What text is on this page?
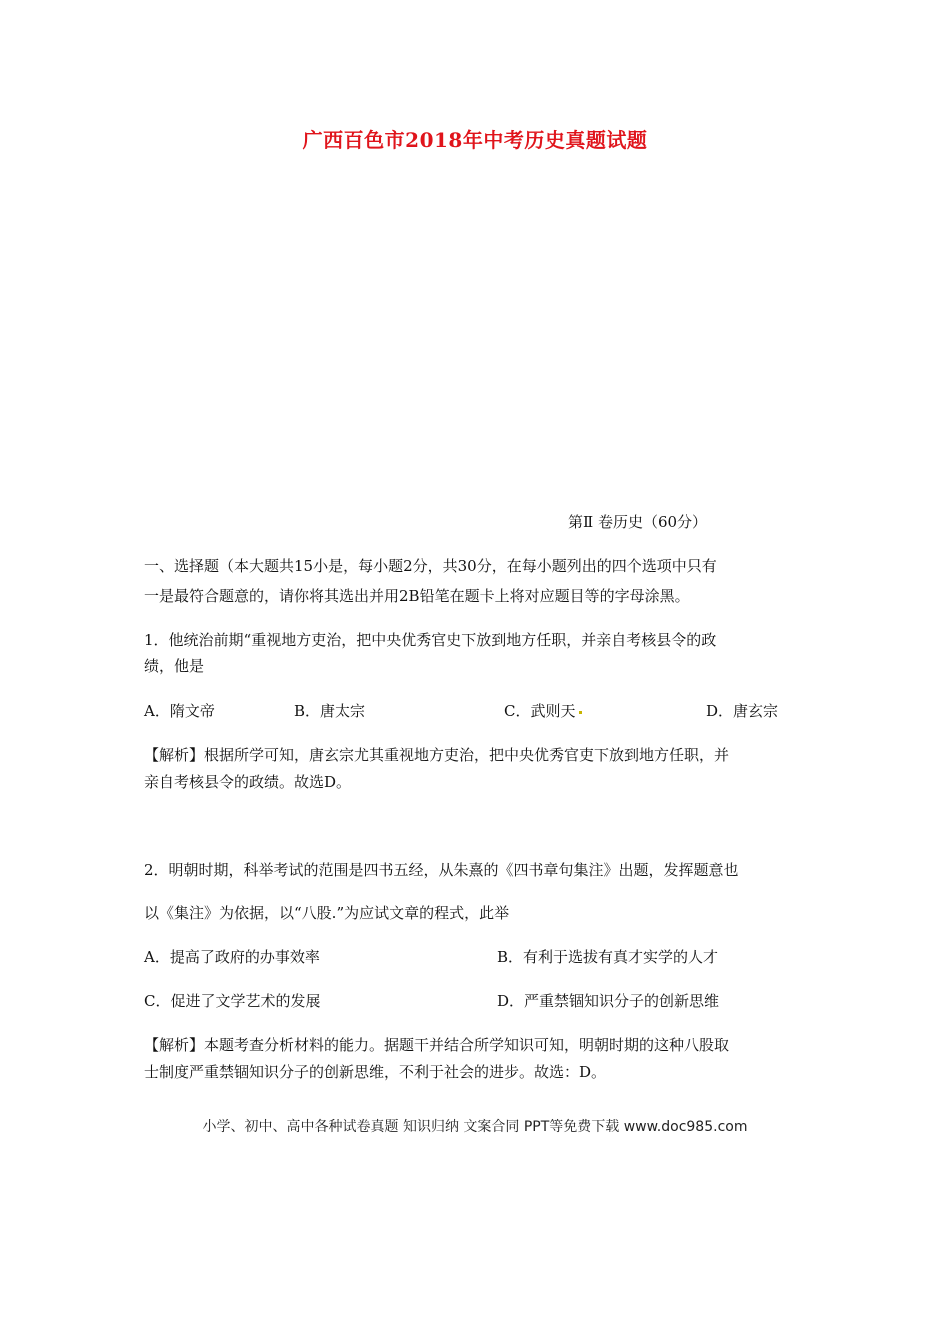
广西百色市2018年中考历史真题试题
第Ⅱ 卷历史（60分）
一、选择题（本大题共15小是，每小题2分，共30分，在每小题列出的四个选项中只有
一是最符合题意的，请你将其选出并用2B铅笔在题卡上将对应题目等的字母涂黑。
1．他统治前期“重视地方吏治，把中央优秀官史下放到地方任职，并亲自考核县令的政
绩，他是
A．隋文帝	B．唐太宗	C．武则天	D．唐玄宗
【解析】根据所学可知，唐玄宗尤其重视地方吏治，把中央优秀官吏下放到地方任职，并
亲自考核县令的政绩。故选D。
2．明朝时期，科举考试的范围是四书五经，从朱熹的《四书章句集注》出题，发挥题意也
以《集注》为依据，以“八股.”为应试文章的程式，此举
A．提高了政府的办事效率	B．有利于选拔有真才实学的人才
C．促进了文学艺术的发展	D．严重禁锢知识分子的创新思维
【解析】本题考查分析材料的能力。据题干并结合所学知识可知，明朝时期的这种八股取
士制度严重禁锢知识分子的创新思维，不利于社会的进步。故选：D。
小学、初中、高中各种试卷真题 知识归纳 文案合同 PPT等免费下载 www.doc985.com
